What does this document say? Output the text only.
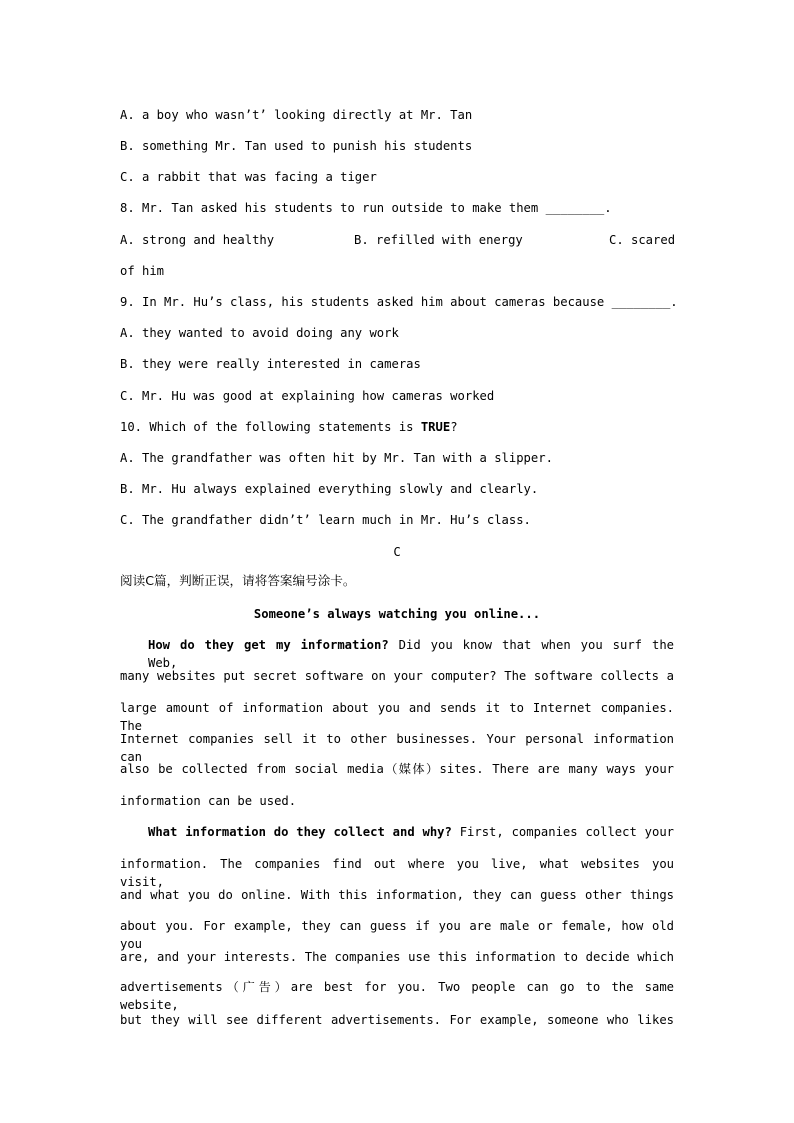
A. a boy who wasn’t’ looking directly at Mr. Tan
B. something Mr. Tan used to punish his students
C. a rabbit that was facing a tiger
8. Mr. Tan asked his students to run outside to make them ________.
A. strong and healthy	B. refilled with energy	C. scared
of him
9. In Mr. Hu’s class, his students asked him about cameras because ________.
A. they wanted to avoid doing any work
B. they were really interested in cameras
C. Mr. Hu was good at explaining how cameras worked
10. Which of the following statements is TRUE?
A. The grandfather was often hit by Mr. Tan with a slipper.
B. Mr. Hu always explained everything slowly and clearly.
C. The grandfather didn’t’ learn much in Mr. Hu’s class.
C
阅读C篇，判断正误，请将答案编号涂卡。
Someone’s always watching you online...
How do they get my information? Did you know that when you surf the Web,
many websites put secret software on your computer? The software collects a
large amount of information about you and sends it to Internet companies. The
Internet companies sell it to other businesses. Your personal information can
also be collected from social media（媒体）sites. There are many ways your
information can be used.
What information do they collect and why? First, companies collect your
information. The companies find out where you live, what websites you visit,
and what you do online. With this information, they can guess other things
about you. For example, they can guess if you are male or female, how old you
are, and your interests. The companies use this information to decide which
advertisements（广告）are best for you. Two people can go to the same website,
but they will see different advertisements. For example, someone who likes
